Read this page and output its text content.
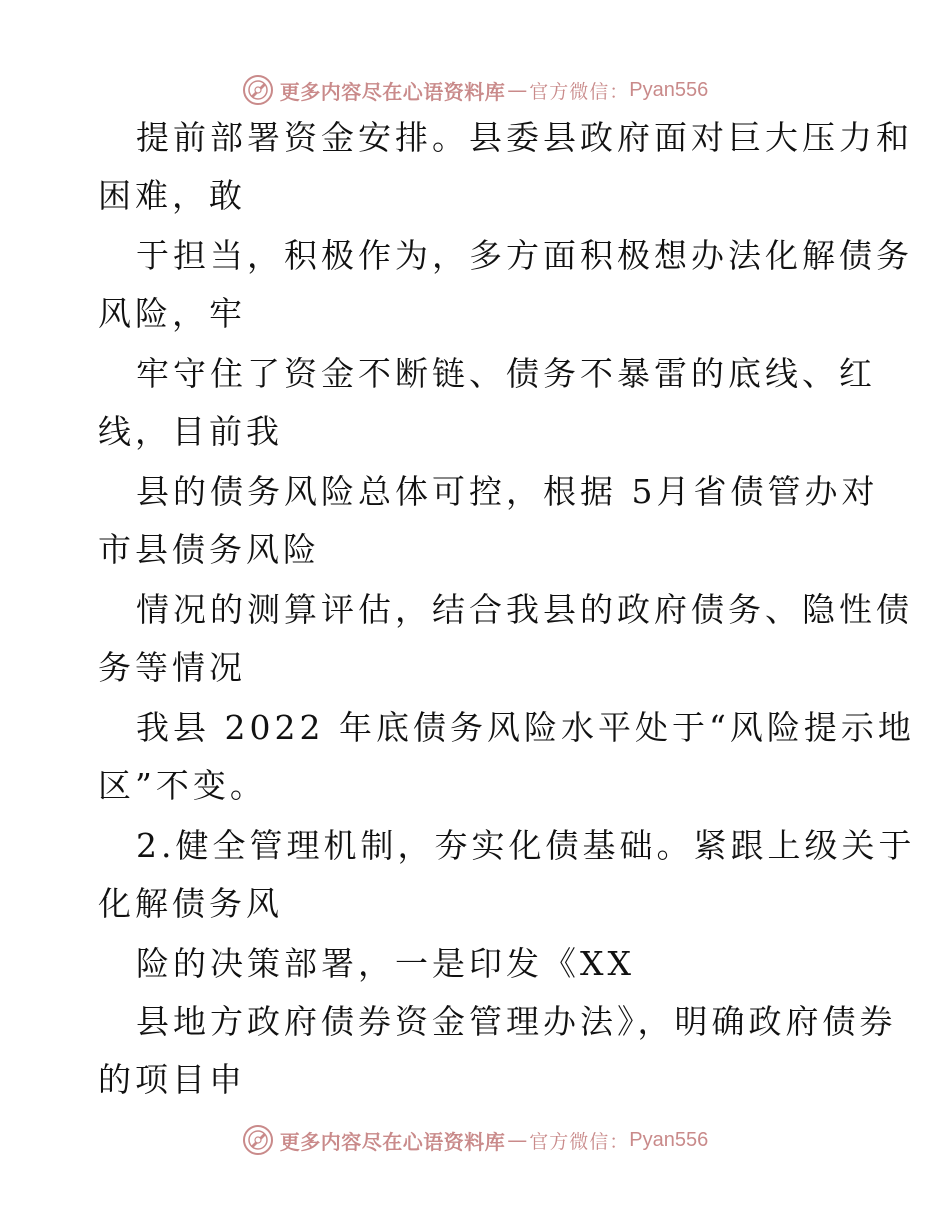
更多内容尽在心语资料库 — 官方微信： Pyan556
提前部署资金安排。县委县政府面对巨大压力和
困难，敢
于担当，积极作为，多方面积极想办法化解债务
风险，牢
牢守住了资金不断链、债务不暴雷的底线、红
线，目前我
县的债务风险总体可控，根据 5月省债管办对
市县债务风险
情况的测算评估，结合我县的政府债务、隐性债
务等情况
我县 2022 年底债务风险水平处于“风险提示地
区”不变。
2.健全管理机制，夯实化债基础。紧跟上级关于
化解债务风
险的决策部署，一是印发《XX
县地方政府债券资金管理办法》，明确政府债券
的项目申
更多内容尽在心语资料库 — 官方微信： Pyan556
